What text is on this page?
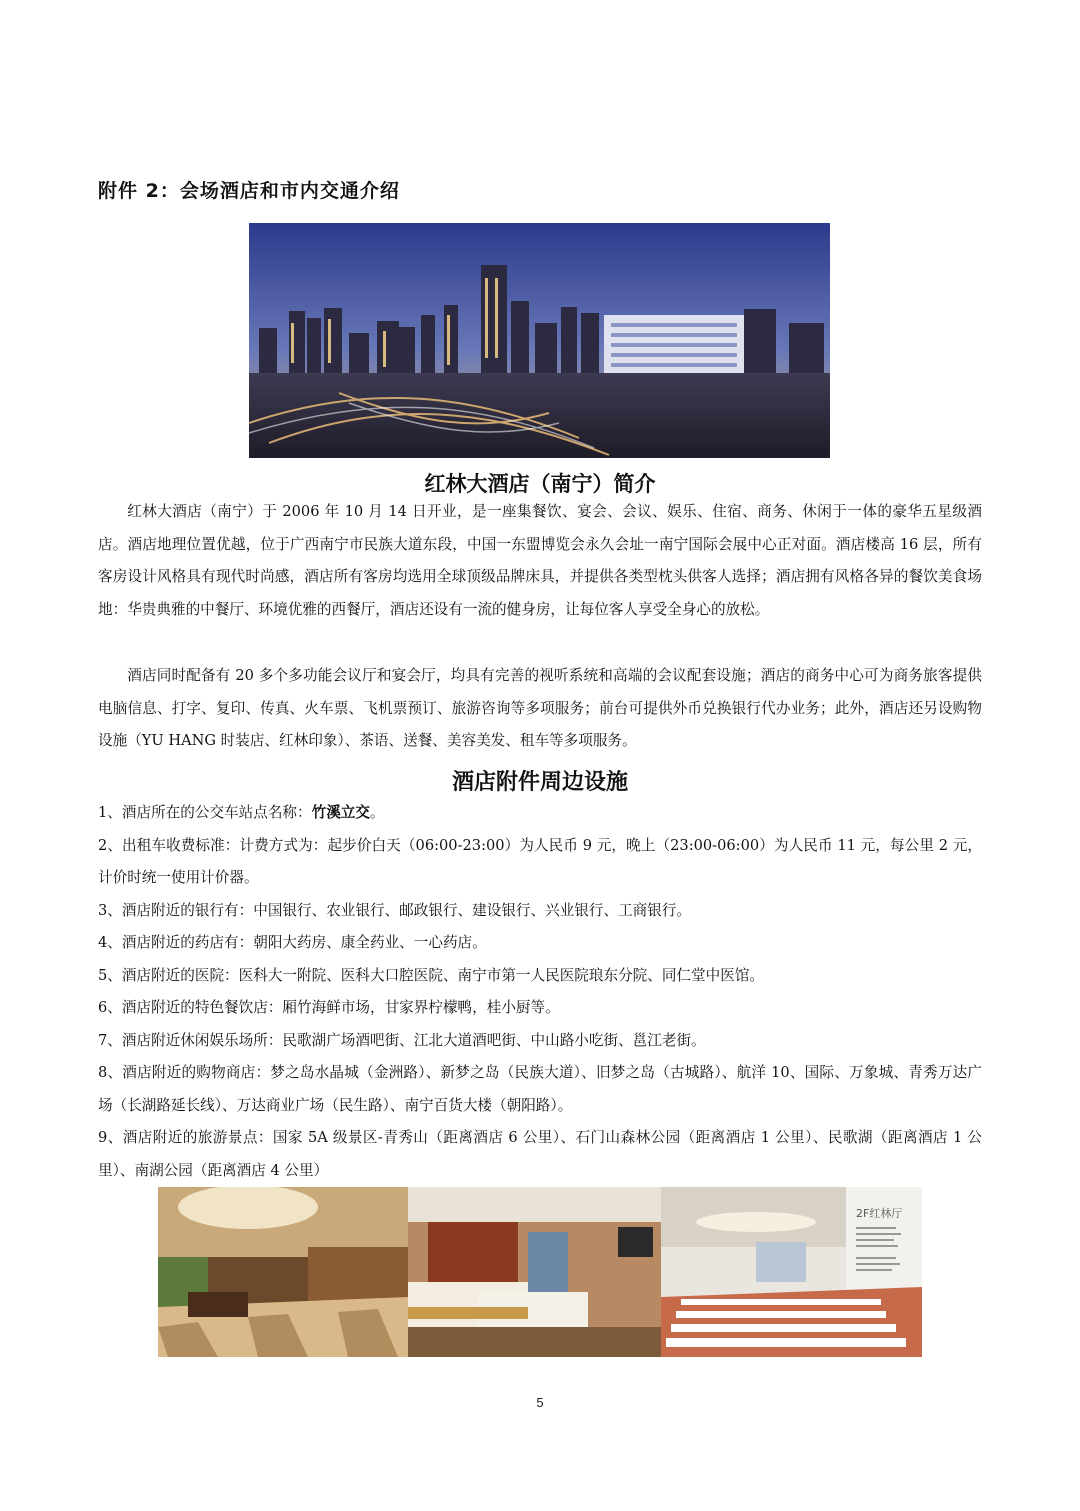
附件 2：会场酒店和市内交通介绍
红林大酒店（南宁）简介

红林大酒店（南宁）于 2006 年 10 月 14 日开业，是一座集餐饮、宴会、会议、娱乐、住宿、商务、休闲于一体的豪华五星级酒店。酒店地理位置优越，位于广西南宁市民族大道东段，中国一东盟博览会永久会址一南宁国际会展中心正对面。酒店楼高 16 层，所有客房设计风格具有现代时尚感，酒店所有客房均选用全球顶级品牌床具，并提供各类型枕头供客人选择；酒店拥有风格各异的餐饮美食场地：华贵典雅的中餐厅、环境优雅的西餐厅，酒店还设有一流的健身房，让每位客人享受全身心的放松。

酒店同时配备有 20 多个多功能会议厅和宴会厅，均具有完善的视听系统和高端的会议配套设施；酒店的商务中心可为商务旅客提供电脑信息、打字、复印、传真、火车票、飞机票预订、旅游咨询等多项服务；前台可提供外币兑换银行代办业务；此外，酒店还另设购物设施（YU HANG 时装店、红林印象）、茶语、送餐、美容美发、租车等多项服务。

酒店附件周边设施
1、酒店所在的公交车站点名称：竹溪立交。
2、出租车收费标准：计费方式为：起步价白天（06:00-23:00）为人民币 9 元，晚上（23:00-06:00）为人民币 11 元，每公里 2 元，计价时统一使用计价器。
3、酒店附近的银行有：中国银行、农业银行、邮政银行、建设银行、兴业银行、工商银行。
4、酒店附近的药店有：朝阳大药房、康全药业、一心药店。
5、酒店附近的医院：医科大一附院、医科大口腔医院、南宁市第一人民医院琅东分院、同仁堂中医馆。
6、酒店附近的特色餐饮店：厢竹海鲜市场，甘家界柠檬鸭，桂小厨等。
7、酒店附近休闲娱乐场所：民歌湖广场酒吧街、江北大道酒吧街、中山路小吃街、邕江老街。
8、酒店附近的购物商店：梦之岛水晶城（金洲路）、新梦之岛（民族大道）、旧梦之岛（古城路）、航洋 10、国际、万象城、青秀万达广场（长湖路延长线）、万达商业广场（民生路）、南宁百货大楼（朝阳路）。
9、酒店附近的旅游景点：国家 5A 级景区-青秀山（距离酒店 6 公里）、石门山森林公园（距离酒店 1 公里）、民歌湖（距离酒店 1 公里）、南湖公园（距离酒店 4 公里）
2F红林厅
5
